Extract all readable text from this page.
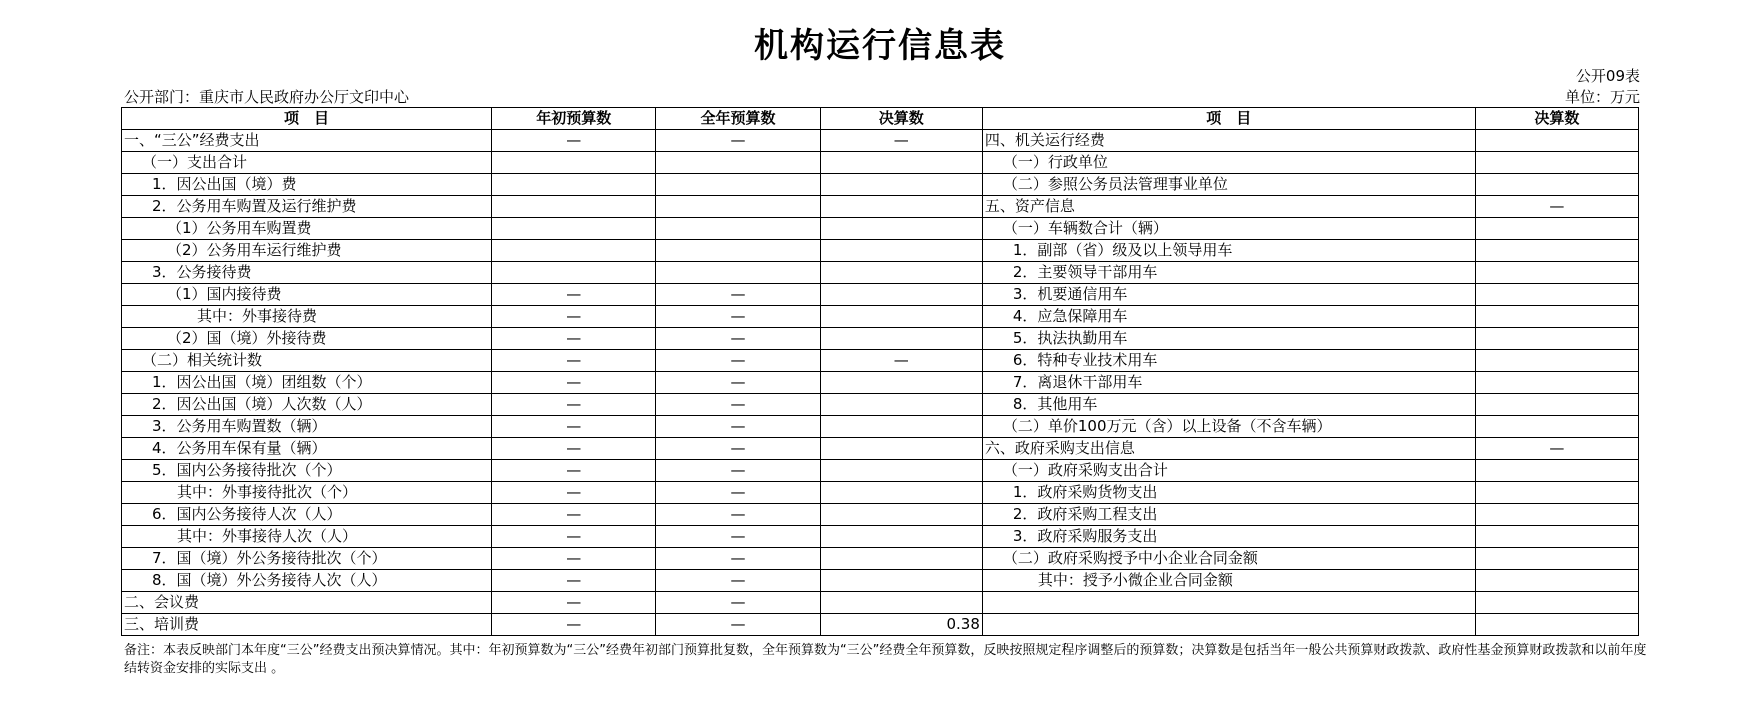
机构运行信息表
公开09表
公开部门：重庆市人民政府办公厅文印中心	单位：万元
项　目	年初预算数	全年预算数	决算数	项　目	决算数
一、“三公”经费支出	—	—	—	四、机关运行经费	
（一）支出合计				（一）行政单位	
1．因公出国（境）费				（二）参照公务员法管理事业单位	
2．公务用车购置及运行维护费				五、资产信息	—
（1）公务用车购置费				（一）车辆数合计（辆）	
（2）公务用车运行维护费				1．副部（省）级及以上领导用车	
3．公务接待费				2．主要领导干部用车	
（1）国内接待费	—	—		3．机要通信用车	
其中：外事接待费	—	—		4．应急保障用车	
（2）国（境）外接待费	—	—		5．执法执勤用车	
（二）相关统计数	—	—	—	6．特种专业技术用车	
1．因公出国（境）团组数（个）	—	—		7．离退休干部用车	
2．因公出国（境）人次数（人）	—	—		8．其他用车	
3．公务用车购置数（辆）	—	—		（二）单价100万元（含）以上设备（不含车辆）	
4．公务用车保有量（辆）	—	—		六、政府采购支出信息	—
5．国内公务接待批次（个）	—	—		（一）政府采购支出合计	
其中：外事接待批次（个）	—	—		1．政府采购货物支出	
6．国内公务接待人次（人）	—	—		2．政府采购工程支出	
其中：外事接待人次（人）	—	—		3．政府采购服务支出	
7．国（境）外公务接待批次（个）	—	—		（二）政府采购授予中小企业合同金额	
8．国（境）外公务接待人次（人）	—	—		其中：授予小微企业合同金额	
二、会议费	—	—			
三、培训费	—	—	0.38		
备注：本表反映部门本年度“三公”经费支出预决算情况。其中：年初预算数为“三公”经费年初部门预算批复数，全年预算数为“三公”经费全年预算数，反映按照规定程序调整后的预算数；决算数是包括当年一般公共预算财政拨款、政府性基金预算财政拨款和以前年度结转资金安排的实际支出 。
